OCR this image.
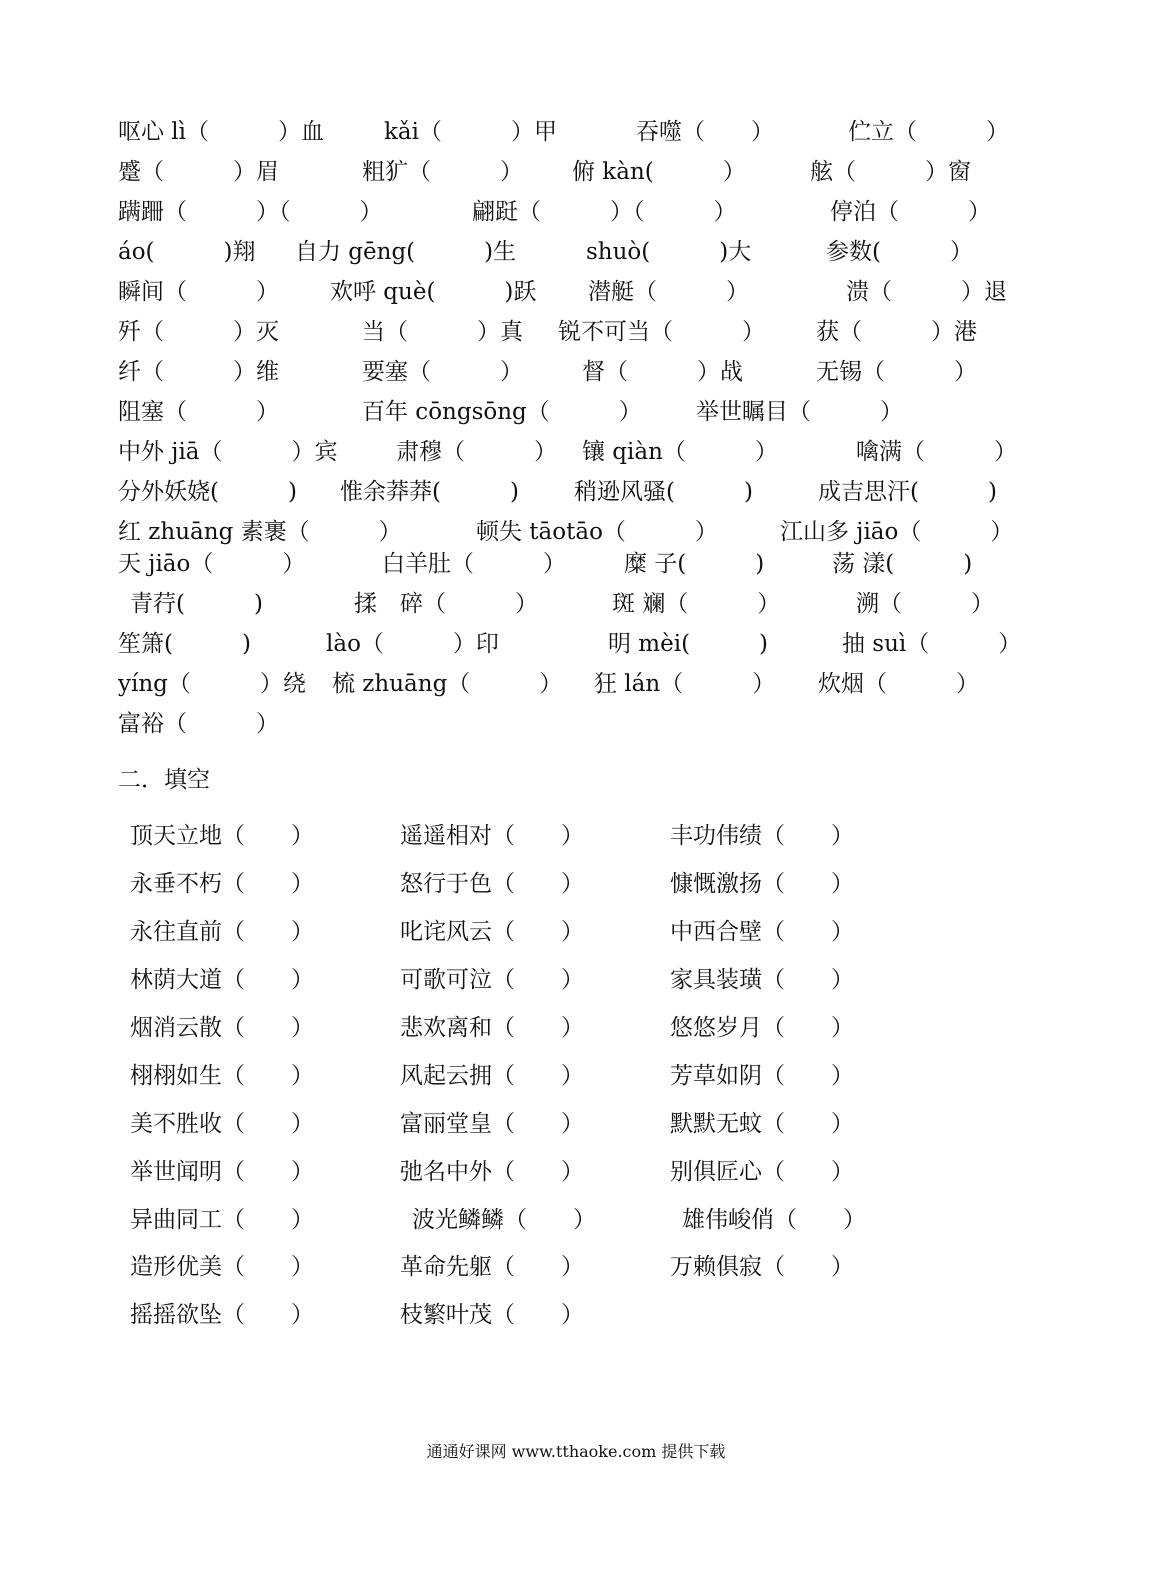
呕心 lì（　　　）血	kǎi（　　　）甲	吞噬（　　）	伫立（　　　）
蹙（　　　）眉	粗犷（　　　） 俯 kàn(　　　）	舷（　　　）窗
蹒跚（　　　）（　　　）	翩跹（　　　）（　　　）	停泊（　　　）
áo(　　　)翔 自力 gēng(　　　)生	shuò(　　　)大	参数(　　　）
瞬间（　　　） 欢呼 què(　　　)跃 潜艇（　　　）	溃（　　　）退
歼（　　　）灭	当（　　　）真 锐不可当（　　　） 获（　　　）港
纤（　　　）维	要塞（　　　）	督（　　　）战	无锡（　　　）
阻塞（　　　）	百年 cōngsōng（　　　） 举世瞩目（　　　）
中外 jiā（　　　）宾	肃穆（　　　） 镶 qiàn（　　　）	噙满（　　　）
分外妖娆(　　　) 惟余莽莽(　　　) 稍逊风骚(　　　)	成吉思汗(　　　)
红 zhuāng 素裹（　　　）	顿失 tāotāo（　　　）	江山多 jiāo（　　　）
天 jiāo（　　　）	白羊肚（　　　）	糜 子(　　　)	荡 漾(　　　)
青荇(　　　)	揉　碎（　　　）	斑 斓（　　　）	溯（　　　）
笙箫(　　　)	lào（　　　）印	明 mèi(　　　)	抽 suì（　　　）
yíng（　　　）绕 梳 zhuāng（　　　） 狂 lán（　　　） 炊烟（　　　）
富裕（　　　）
二．填空
顶天立地（　　）	遥遥相对（　　）	丰功伟绩（　　）
永垂不朽（　　）	怒行于色（　　）	慷慨激扬（　　）
永往直前（　　）	叱诧风云（　　）	中西合壁（　　）
林荫大道（　　）	可歌可泣（　　）	家具装璜（　　）
烟消云散（　　）	悲欢离和（　　）	悠悠岁月（　　）
栩栩如生（　　）	风起云拥（　　）	芳草如阴（　　）
美不胜收（　　）	富丽堂皇（　　）	默默无蚊（　　）
举世闻明（　　）	弛名中外（　　）	别俱匠心（　　）
异曲同工（　　）	波光鳞鳞（　　）	雄伟峻俏（　　）
造形优美（　　）	革命先躯（　　）	万赖俱寂（　　）
摇摇欲坠（　　）	枝繁叶茂（　　）
通通好课网 www.tthaoke.com 提供下载
